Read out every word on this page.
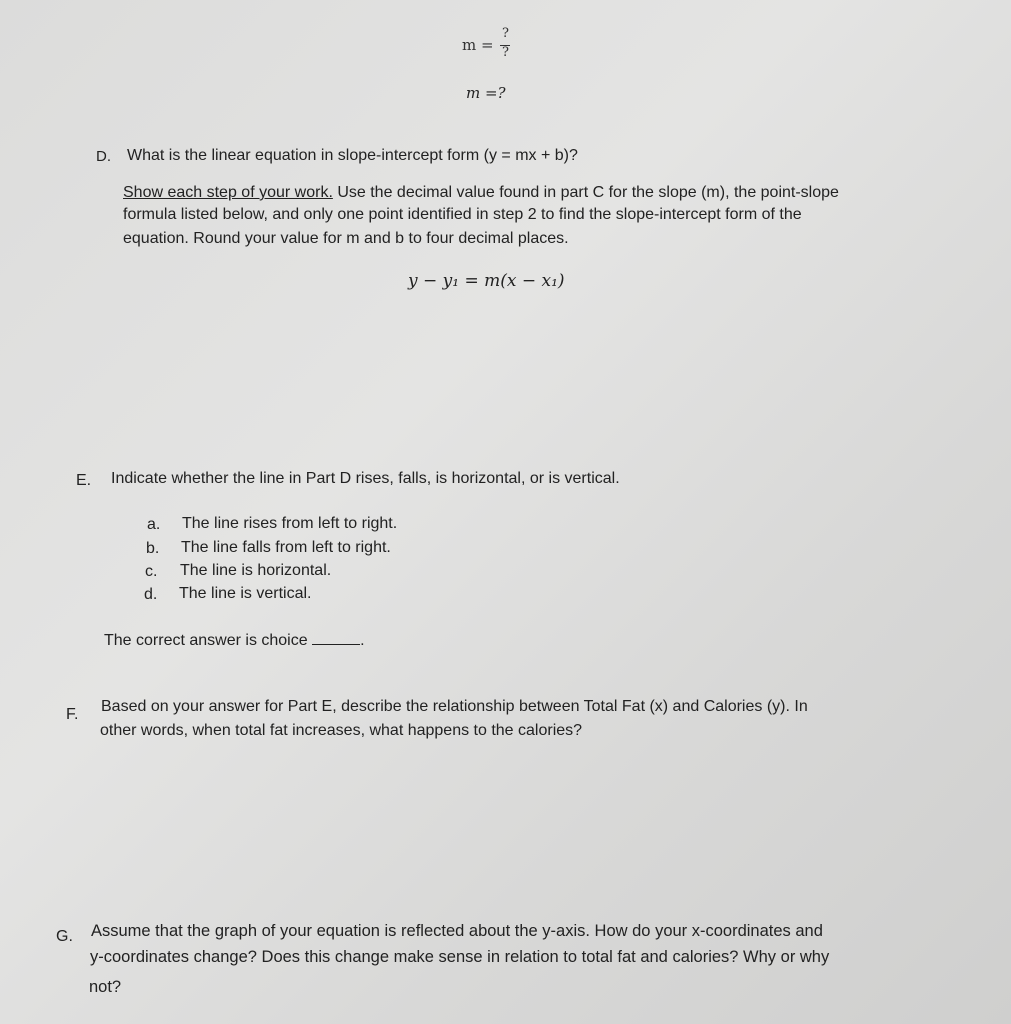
m =
?
?
m =?
D. What is the linear equation in slope-intercept form (y = mx + b)?
Show each step of your work. Use the decimal value found in part C for the slope (m), the point-slope
formula listed below, and only one point identified in step 2 to find the slope-intercept form of the
equation. Round your value for m and b to four decimal places.
y − y₁ = m(x − x₁)
E. Indicate whether the line in Part D rises, falls, is horizontal, or is vertical.
a. The line rises from left to right.
b. The line falls from left to right.
c. The line is horizontal.
d. The line is vertical.
The correct answer is choice	.
F. Based on your answer for Part E, describe the relationship between Total Fat (x) and Calories (y). In
other words, when total fat increases, what happens to the calories?
G. Assume that the graph of your equation is reflected about the y-axis. How do your x-coordinates and
y-coordinates change? Does this change make sense in relation to total fat and calories? Why or why
not?
